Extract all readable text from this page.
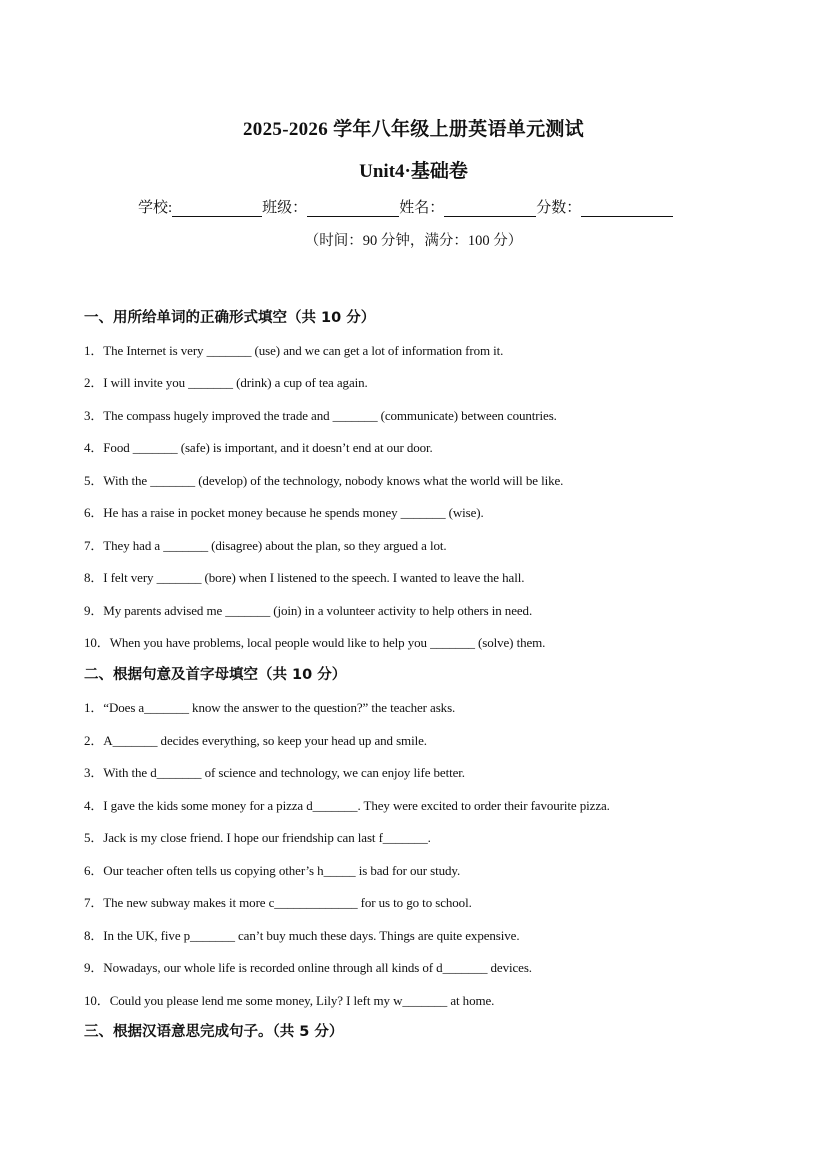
2025-2026 学年八年级上册英语单元测试
Unit4·基础卷
学校:	班级：	姓名：	分数：
（时间：90 分钟，满分：100 分）
一、用所给单词的正确形式填空（共 10 分）
1．The Internet is very _______ (use) and we can get a lot of information from it.
2．I will invite you _______ (drink) a cup of tea again.
3．The compass hugely improved the trade and _______ (communicate) between countries.
4．Food _______ (safe) is important, and it doesn’t end at our door.
5．With the _______ (develop) of the technology, nobody knows what the world will be like.
6．He has a raise in pocket money because he spends money _______ (wise).
7．They had a _______ (disagree) about the plan, so they argued a lot.
8．I felt very _______ (bore) when I listened to the speech. I wanted to leave the hall.
9．My parents advised me _______ (join) in a volunteer activity to help others in need.
10．When you have problems, local people would like to help you _______ (solve) them.
二、根据句意及首字母填空（共 10 分）
1．“Does a_______ know the answer to the question?” the teacher asks.
2．A_______ decides everything, so keep your head up and smile.
3．With the d_______ of science and technology, we can enjoy life better.
4．I gave the kids some money for a pizza d_______. They were excited to order their favourite pizza.
5．Jack is my close friend. I hope our friendship can last f_______.
6．Our teacher often tells us copying other’s h_____ is bad for our study.
7．The new subway makes it more c_____________ for us to go to school.
8．In the UK, five p_______ can’t buy much these days. Things are quite expensive.
9．Nowadays, our whole life is recorded online through all kinds of d_______ devices.
10．Could you please lend me some money, Lily? I left my w_______ at home.
三、根据汉语意思完成句子。（共 5 分）
